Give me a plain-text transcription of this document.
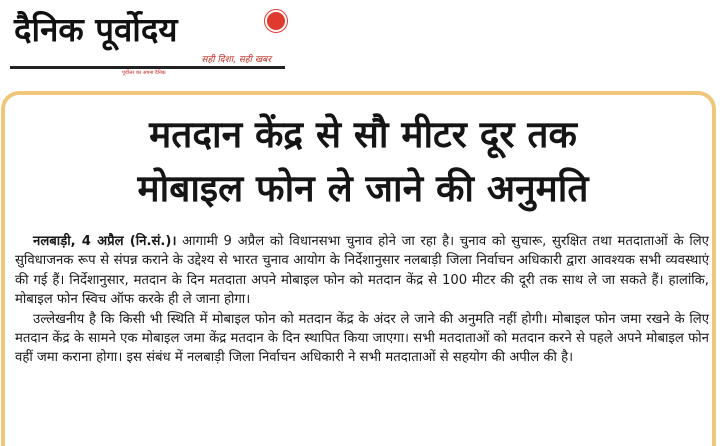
दैनिक पूर्वोदय
सही दिशा, सही खबर
पूर्वोत्तर का अपना दैनिक
मतदान केंद्र से सौ मीटर दूर तक
मोबाइल फोन ले जाने की अनुमति

नलबाड़ी, 4 अप्रैल (नि.सं.)। आगामी 9 अप्रैल को विधानसभा चुनाव होने जा रहा है। चुनाव को सुचारू, सुरक्षित तथा मतदाताओं के लिए सुविधाजनक रूप से संपन्न कराने के उद्देश्य से भारत चुनाव आयोग के निर्देशानुसार नलबाड़ी जिला निर्वाचन अधिकारी द्वारा आवश्यक सभी व्यवस्थाएं की गई हैं। निर्देशानुसार, मतदान के दिन मतदाता अपने मोबाइल फोन को मतदान केंद्र से 100 मीटर की दूरी तक साथ ले जा सकते हैं। हालांकि, मोबाइल फोन स्विच ऑफ करके ही ले जाना होगा।

उल्लेखनीय है कि किसी भी स्थिति में मोबाइल फोन को मतदान केंद्र के अंदर ले जाने की अनुमति नहीं होगी। मोबाइल फोन जमा रखने के लिए मतदान केंद्र के सामने एक मोबाइल जमा केंद्र मतदान के दिन स्थापित किया जाएगा। सभी मतदाताओं को मतदान करने से पहले अपने मोबाइल फोन वहीं जमा कराना होगा। इस संबंध में नलबाड़ी जिला निर्वाचन अधिकारी ने सभी मतदाताओं से सहयोग की अपील की है।
